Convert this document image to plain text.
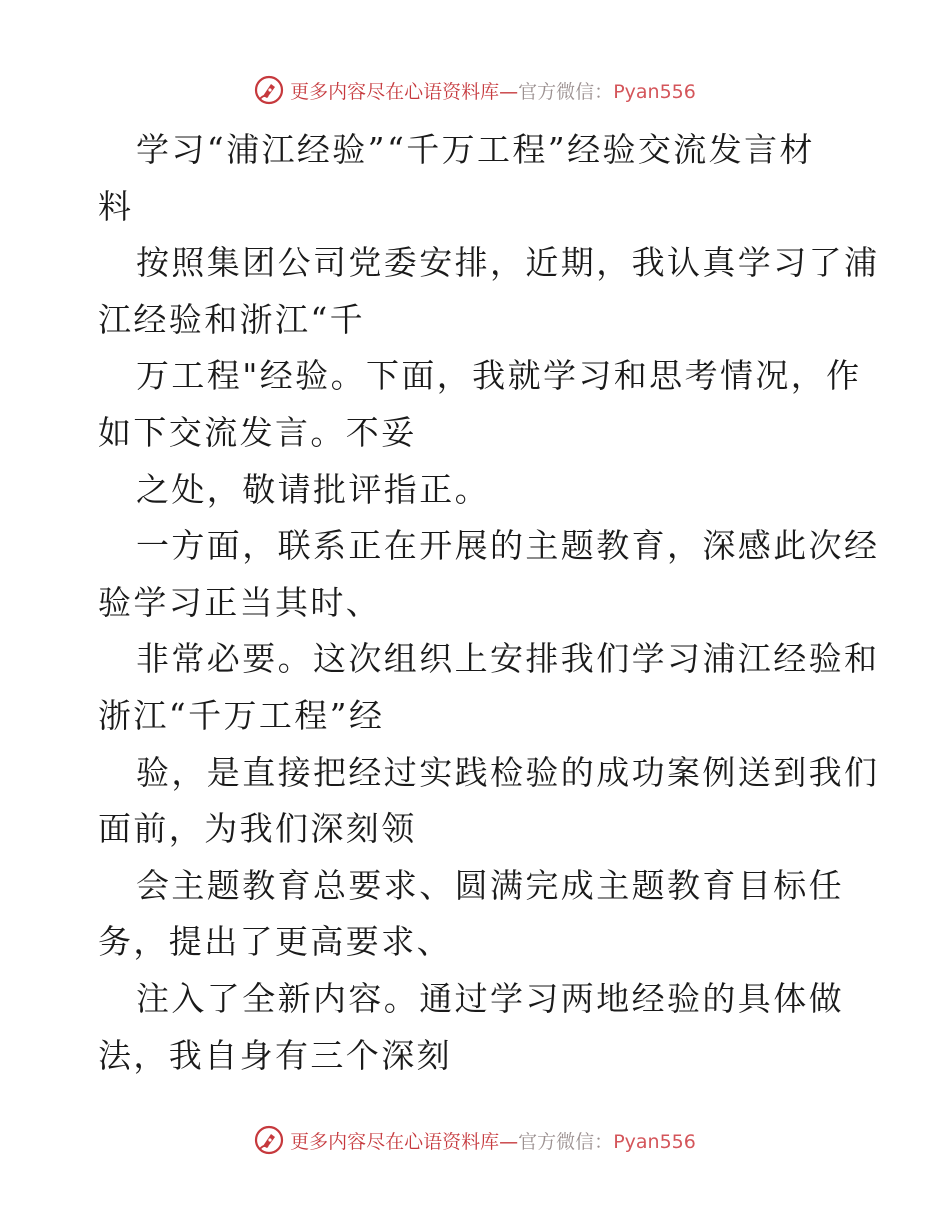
更多内容尽在心语资料库—官方微信：Pyan556
学习“浦江经验”“千万工程”经验交流发言材
料
按照集团公司党委安排，近期，我认真学习了浦
江经验和浙江“千
万工程"经验。下面，我就学习和思考情况，作
如下交流发言。不妥
之处，敬请批评指正。
一方面，联系正在开展的主题教育，深感此次经
验学习正当其时、
非常必要。这次组织上安排我们学习浦江经验和
浙江“千万工程”经
验，是直接把经过实践检验的成功案例送到我们
面前，为我们深刻领
会主题教育总要求、圆满完成主题教育目标任
务，提出了更高要求、
注入了全新内容。通过学习两地经验的具体做
法，我自身有三个深刻
更多内容尽在心语资料库—官方微信：Pyan556
